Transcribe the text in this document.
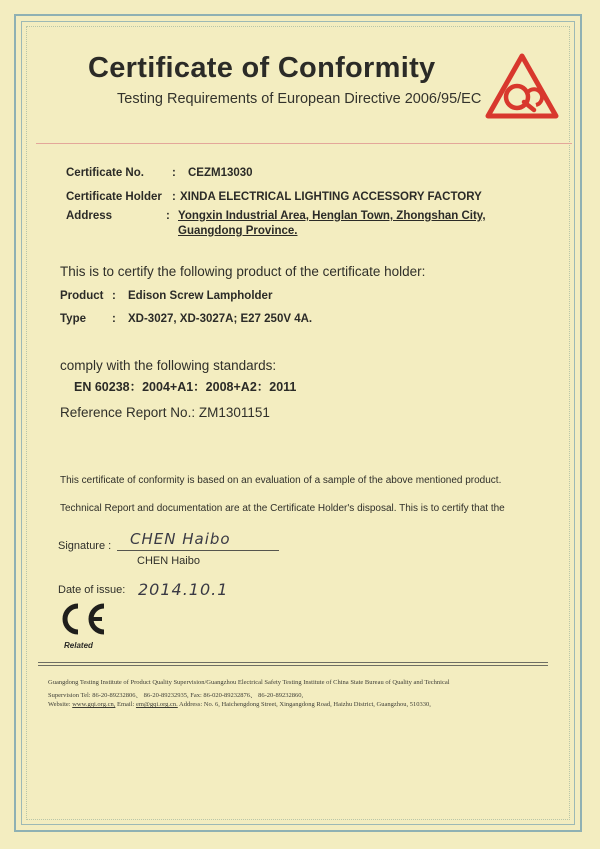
Certificate of Conformity
Testing Requirements of European Directive 2006/95/EC
Certificate No. : CEZM13030
Certificate Holder : XINDA ELECTRICAL LIGHTING ACCESSORY FACTORY
Address	: Yongxin Industrial Area, Henglan Town, Zhongshan City,
Guangdong Province.
This is to certify the following product of the certificate holder:
Product : Edison Screw Lampholder
Type : XD-3027, XD-3027A; E27 250V 4A.
comply with the following standards:
EN 60238：2004+A1：2008+A2：2011
Reference Report No.: ZM1301151
This certificate of conformity is based on an evaluation of a sample of the above mentioned product.
Technical Report and documentation are at the Certificate Holder's disposal. This is to certify that the
Signature : CHEN Haibo
CHEN Haibo
Date of issue: 2014.10.1
Related
Guangdong Testing Institute of Product Quality Supervision/Guangzhou Electrical Safety Testing Institute of China State Bureau of Quality and Technical
Supervision Tel: 86-20-89232806、 86-20-89232935, Fax: 86-020-89232876、 86-20-89232860,
Website: www.gqi.org.cn, Email: em@gqi.org.cn. Address: No. 6, Haichengdong Street, Xingangdong Road, Haizhu District, Guangzhou, 510330,
